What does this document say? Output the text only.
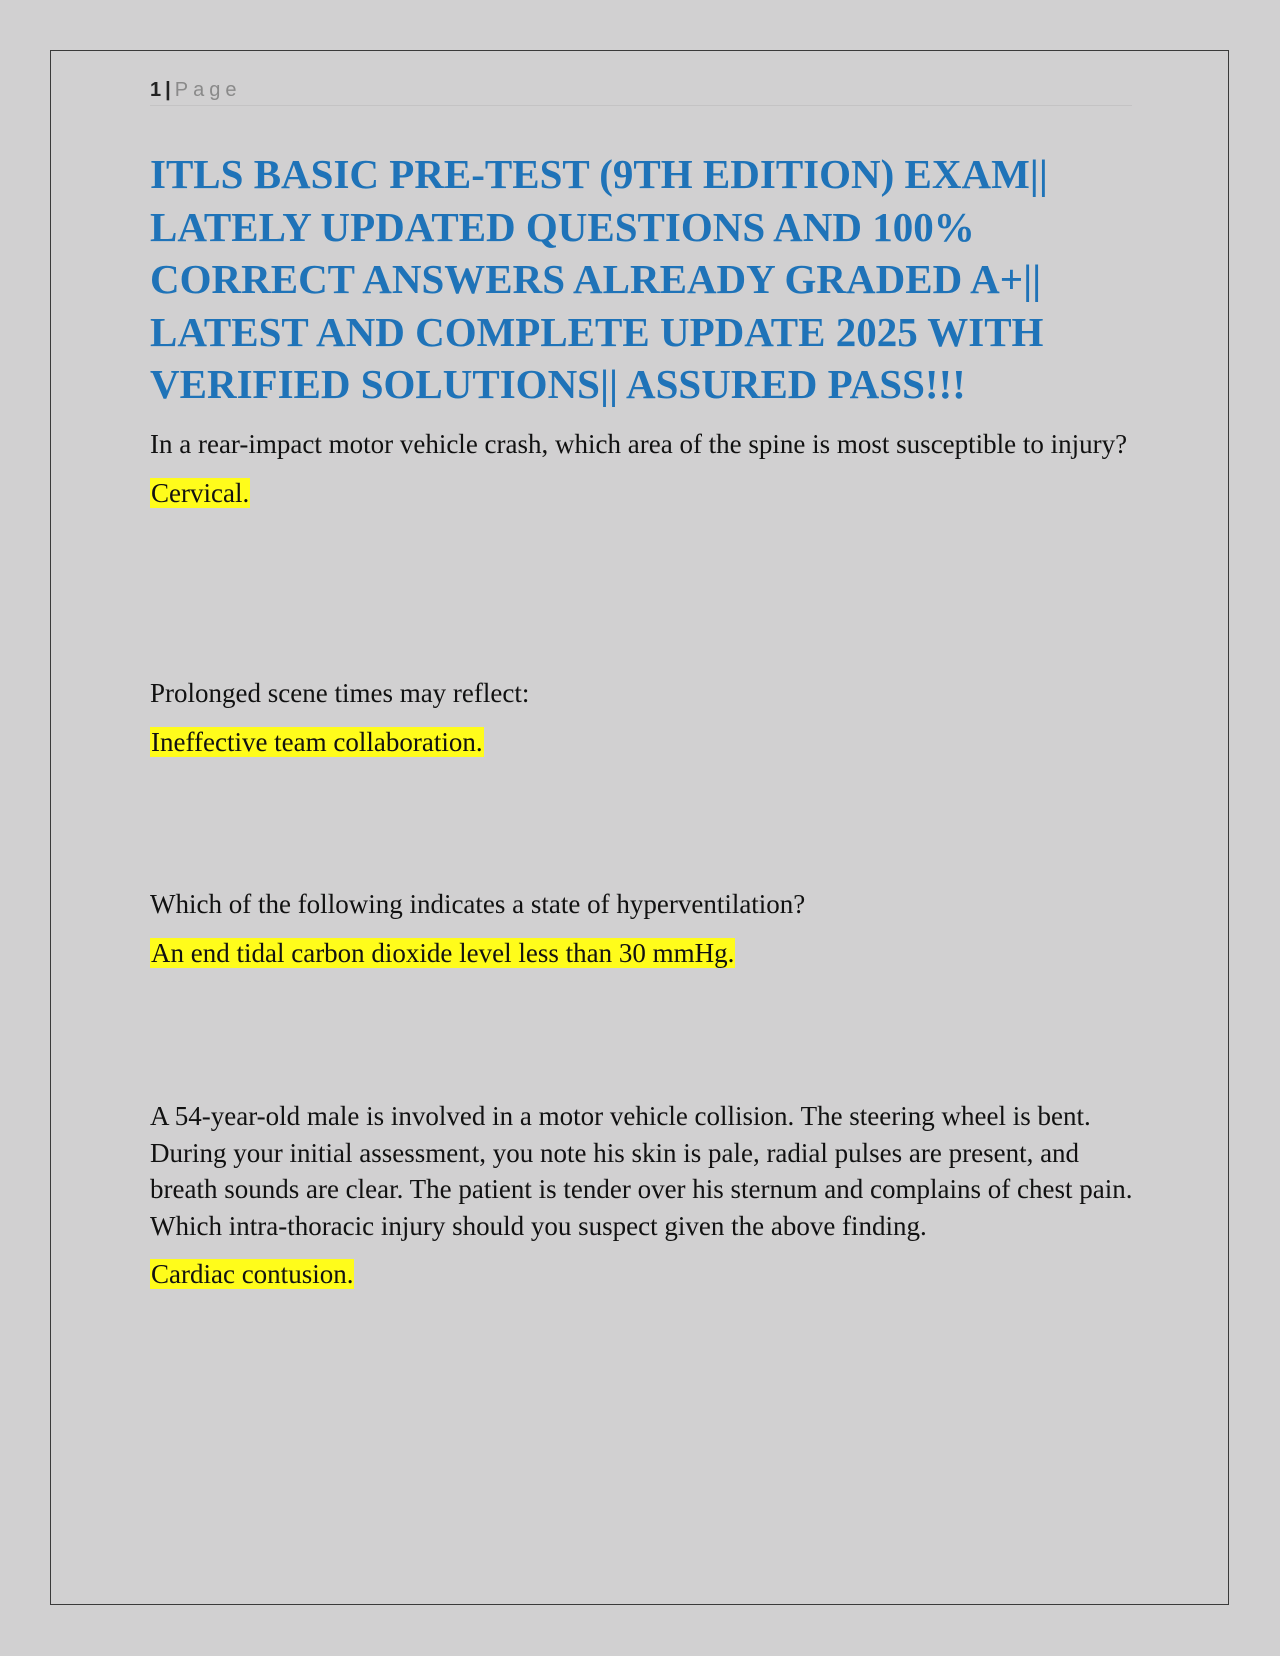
1 | Page
ITLS BASIC PRE-TEST (9TH EDITION) EXAM|| LATELY UPDATED QUESTIONS AND 100% CORRECT ANSWERS ALREADY GRADED A+|| LATEST AND COMPLETE UPDATE 2025 WITH VERIFIED SOLUTIONS|| ASSURED PASS!!!

In a rear-impact motor vehicle crash, which area of the spine is most susceptible to injury?

Cervical.

Prolonged scene times may reflect:

Ineffective team collaboration.

Which of the following indicates a state of hyperventilation?

An end tidal carbon dioxide level less than 30 mmHg.

A 54-year-old male is involved in a motor vehicle collision. The steering wheel is bent. During your initial assessment, you note his skin is pale, radial pulses are present, and breath sounds are clear. The patient is tender over his sternum and complains of chest pain. Which intra-thoracic injury should you suspect given the above finding.

Cardiac contusion.
